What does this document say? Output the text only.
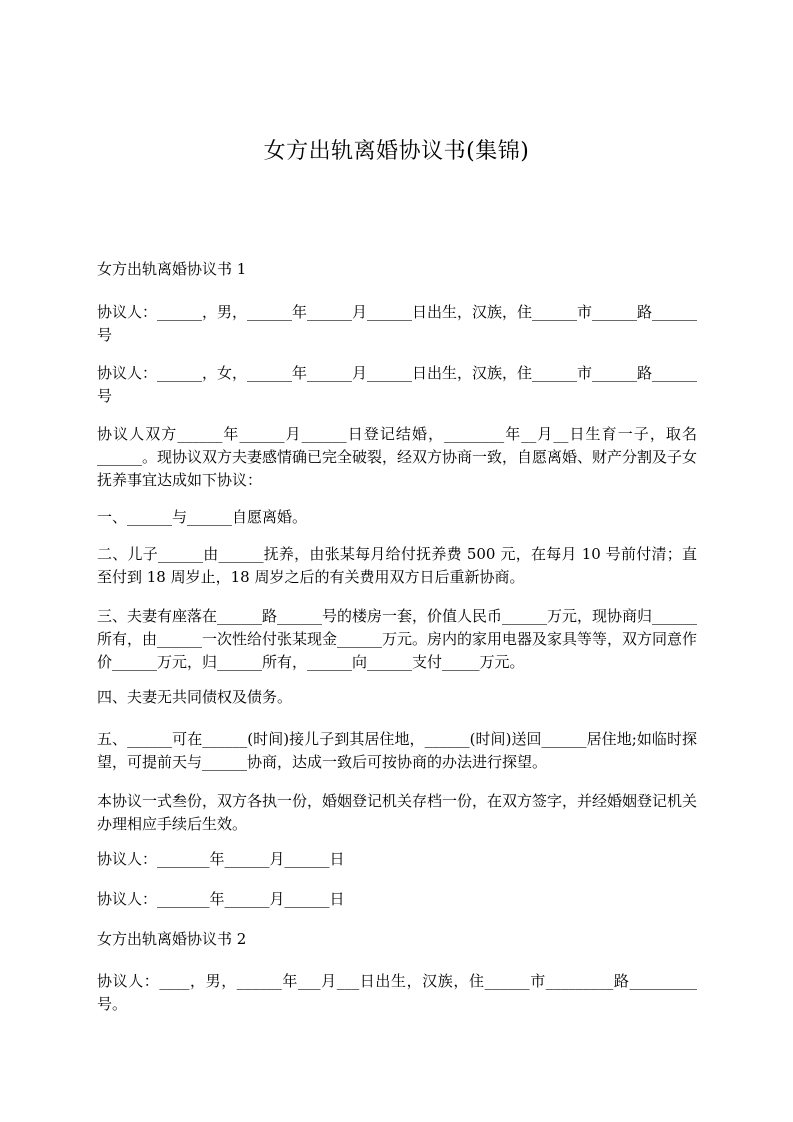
女方出轨离婚协议书(集锦)

女方出轨离婚协议书 1

协议人：______，男，______年______月______日出生，汉族，住______市______路______号

协议人：______，女，______年______月______日出生，汉族，住______市______路______号

协议人双方______年______月______日登记结婚，________年__月__日生育一子，取名______。现协议双方夫妻感情确已完全破裂，经双方协商一致，自愿离婚、财产分割及子女抚养事宜达成如下协议：

一、______与______自愿离婚。

二、儿子______由______抚养，由张某每月给付抚养费 500 元，在每月 10 号前付清；直至付到 18 周岁止，18 周岁之后的有关费用双方日后重新协商。

三、夫妻有座落在______路______号的楼房一套，价值人民币______万元，现协商归______所有，由______一次性给付张某现金______万元。房内的家用电器及家具等等，双方同意作价______万元，归______所有，______向______支付_____万元。

四、夫妻无共同债权及债务。

五、______可在______(时间)接儿子到其居住地，______(时间)送回______居住地;如临时探望，可提前天与______协商，达成一致后可按协商的办法进行探望。

本协议一式叁份，双方各执一份，婚姻登记机关存档一份，在双方签字，并经婚姻登记机关办理相应手续后生效。

协议人：_______年______月______日

协议人：_______年______月______日

女方出轨离婚协议书 2

协议人：____，男，______年___月___日出生，汉族，住______市_________路_________号。
